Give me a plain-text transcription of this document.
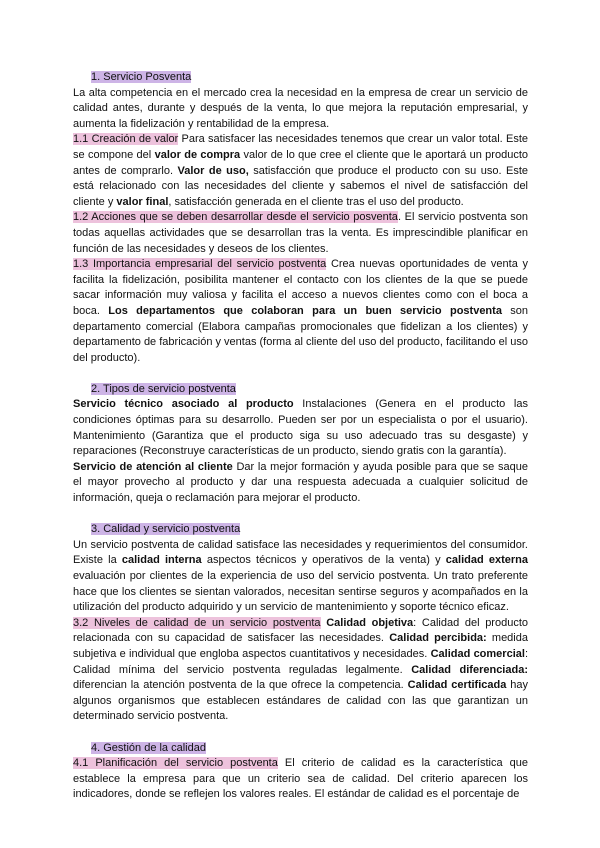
1. Servicio Posventa

La alta competencia en el mercado crea la necesidad en la empresa de crear un servicio de calidad antes, durante y después de la venta, lo que mejora la reputación empresarial, y aumenta la fidelización y rentabilidad de la empresa.

1.1 Creación de valor Para satisfacer las necesidades tenemos que crear un valor total. Este se compone del valor de compra valor de lo que cree el cliente que le aportará un producto antes de comprarlo. Valor de uso, satisfacción que produce el producto con su uso. Este está relacionado con las necesidades del cliente y sabemos el nivel de satisfacción del cliente y valor final, satisfacción generada en el cliente tras el uso del producto.

1.2 Acciones que se deben desarrollar desde el servicio posventa. El servicio postventa son todas aquellas actividades que se desarrollan tras la venta. Es imprescindible planificar en función de las necesidades y deseos de los clientes.

1.3 Importancia empresarial del servicio postventa Crea nuevas oportunidades de venta y facilita la fidelización, posibilita mantener el contacto con los clientes de la que se puede sacar información muy valiosa y facilita el acceso a nuevos clientes como con el boca a boca. Los departamentos que colaboran para un buen servicio postventa son departamento comercial (Elabora campañas promocionales que fidelizan a los clientes) y departamento de fabricación y ventas (forma al cliente del uso del producto, facilitando el uso del producto).

2. Tipos de servicio postventa

Servicio técnico asociado al producto Instalaciones (Genera en el producto las condiciones óptimas para su desarrollo. Pueden ser por un especialista o por el usuario). Mantenimiento (Garantiza que el producto siga su uso adecuado tras su desgaste) y reparaciones (Reconstruye características de un producto, siendo gratis con la garantía).

Servicio de atención al cliente Dar la mejor formación y ayuda posible para que se saque el mayor provecho al producto y dar una respuesta adecuada a cualquier solicitud de información, queja o reclamación para mejorar el producto.

3. Calidad y servicio postventa

Un servicio postventa de calidad satisface las necesidades y requerimientos del consumidor. Existe la calidad interna aspectos técnicos y operativos de la venta) y calidad externa evaluación por clientes de la experiencia de uso del servicio postventa. Un trato preferente hace que los clientes se sientan valorados, necesitan sentirse seguros y acompañados en la utilización del producto adquirido y un servicio de mantenimiento y soporte técnico eficaz.

3.2 Niveles de calidad de un servicio postventa Calidad objetiva: Calidad del producto relacionada con su capacidad de satisfacer las necesidades. Calidad percibida: medida subjetiva e individual que engloba aspectos cuantitativos y necesidades. Calidad comercial: Calidad mínima del servicio postventa reguladas legalmente. Calidad diferenciada: diferencian la atención postventa de la que ofrece la competencia. Calidad certificada hay algunos organismos que establecen estándares de calidad con las que garantizan un determinado servicio postventa.

4. Gestión de la calidad

4.1 Planificación del servicio postventa El criterio de calidad es la característica que establece la empresa para que un criterio sea de calidad. Del criterio aparecen los indicadores, donde se reflejen los valores reales. El estándar de calidad es el porcentaje de
